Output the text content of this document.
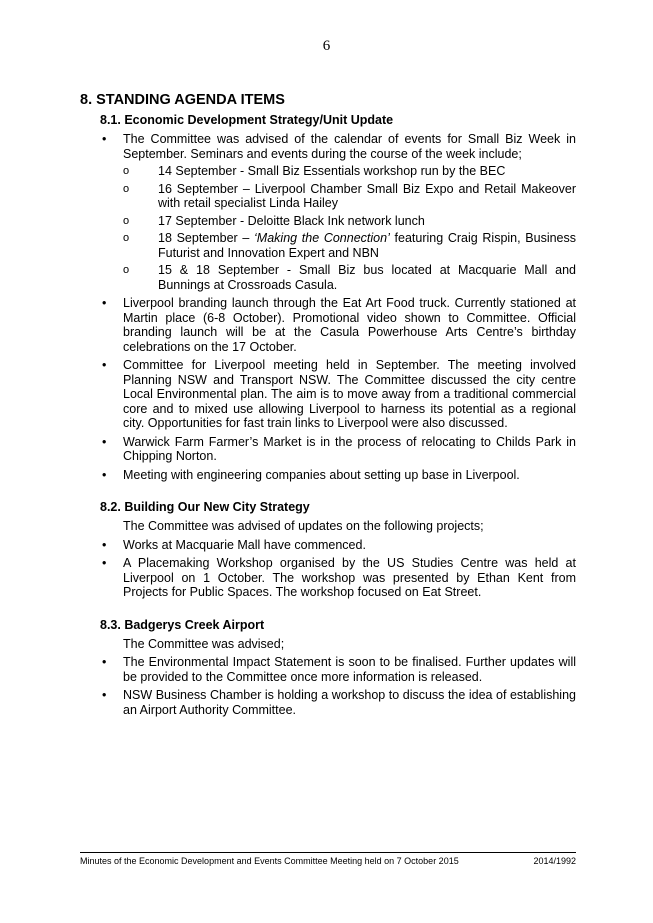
6
8. STANDING AGENDA ITEMS
8.1. Economic Development Strategy/Unit Update
• The Committee was advised of the calendar of events for Small Biz Week in September. Seminars and events during the course of the week include;
o 14 September - Small Biz Essentials workshop run by the BEC
o 16 September – Liverpool Chamber Small Biz Expo and Retail Makeover with retail specialist Linda Hailey
o 17 September - Deloitte Black Ink network lunch
o 18 September – ‘Making the Connection’ featuring Craig Rispin, Business Futurist and Innovation Expert and NBN
o 15 & 18 September - Small Biz bus located at Macquarie Mall and Bunnings at Crossroads Casula.
• Liverpool branding launch through the Eat Art Food truck. Currently stationed at Martin place (6-8 October). Promotional video shown to Committee. Official branding launch will be at the Casula Powerhouse Arts Centre’s birthday celebrations on the 17 October.
• Committee for Liverpool meeting held in September. The meeting involved Planning NSW and Transport NSW. The Committee discussed the city centre Local Environmental plan. The aim is to move away from a traditional commercial core and to mixed use allowing Liverpool to harness its potential as a regional city. Opportunities for fast train links to Liverpool were also discussed.
• Warwick Farm Farmer’s Market is in the process of relocating to Childs Park in Chipping Norton.
• Meeting with engineering companies about setting up base in Liverpool.
8.2. Building Our New City Strategy
The Committee was advised of updates on the following projects;
• Works at Macquarie Mall have commenced.
• A Placemaking Workshop organised by the US Studies Centre was held at Liverpool on 1 October. The workshop was presented by Ethan Kent from Projects for Public Spaces. The workshop focused on Eat Street.
8.3. Badgerys Creek Airport
The Committee was advised;
• The Environmental Impact Statement is soon to be finalised. Further updates will be provided to the Committee once more information is released.
• NSW Business Chamber is holding a workshop to discuss the idea of establishing an Airport Authority Committee.
Minutes of the Economic Development and Events Committee Meeting held on 7 October 2015	2014/1992
